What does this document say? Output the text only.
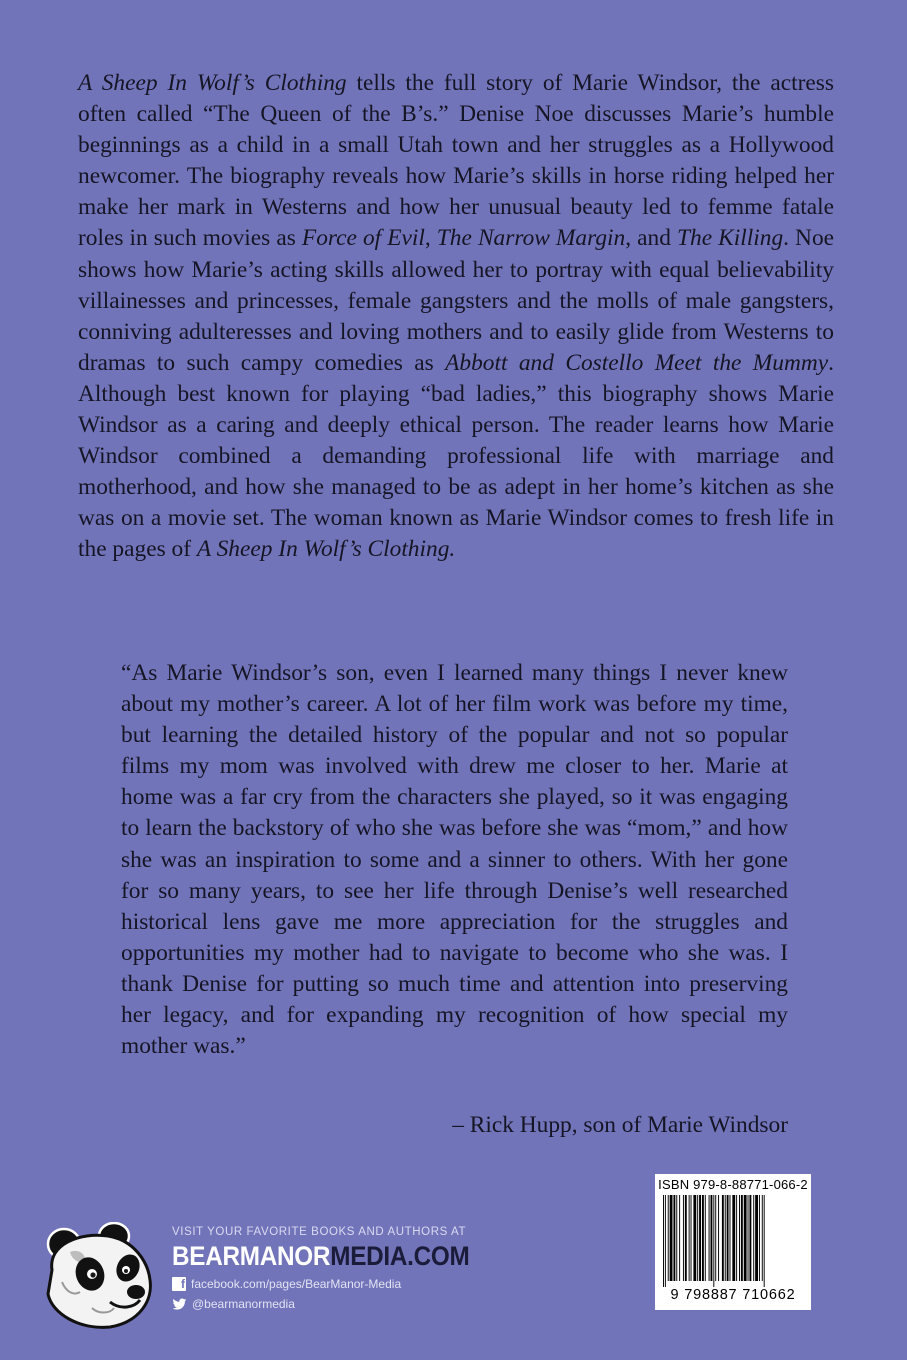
A Sheep In Wolf’s Clothing tells the full story of Marie Windsor, the actress often called “The Queen of the B’s.” Denise Noe discusses Marie’s humble beginnings as a child in a small Utah town and her struggles as a Hollywood newcomer. The biography reveals how Marie’s skills in horse riding helped her make her mark in Westerns and how her unusual beauty led to femme fatale roles in such movies as Force of Evil, The Narrow Margin, and The Killing. Noe shows how Marie’s acting skills allowed her to portray with equal believability villainesses and princesses, female gangsters and the molls of male gangsters, conniving adulteresses and loving mothers and to easily glide from Westerns to dramas to such campy comedies as Abbott and Costello Meet the Mummy. Although best known for playing “bad ladies,” this biography shows Marie Windsor as a caring and deeply ethical person. The reader learns how Marie Windsor combined a demanding professional life with marriage and motherhood, and how she managed to be as adept in her home’s kitchen as she was on a movie set. The woman known as Marie Windsor comes to fresh life in the pages of A Sheep In Wolf’s Clothing.

“As Marie Windsor’s son, even I learned many things I never knew about my mother’s career. A lot of her film work was before my time, but learning the detailed history of the popular and not so popular films my mom was involved with drew me closer to her. Marie at home was a far cry from the characters she played, so it was engaging to learn the backstory of who she was before she was “mom,” and how she was an inspiration to some and a sinner to others. With her gone for so many years, to see her life through Denise’s well researched historical lens gave me more appreciation for the struggles and opportunities my mother had to navigate to become who she was. I thank Denise for putting so much time and attention into preserving her legacy, and for expanding my recognition of how special my mother was.”

– Rick Hupp, son of Marie Windsor

VISIT YOUR FAVORITE BOOKS AND AUTHORS AT

BEARMANORMEDIA.COM

f facebook.com/pages/BearManor-Media
@bearmanormedia
ISBN 979-8-88771-066-2
9 798887 710662
